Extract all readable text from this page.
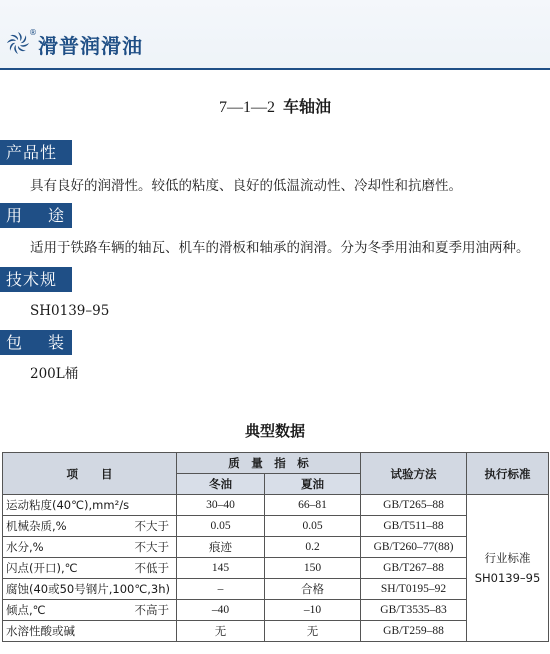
®
滑普润滑油
7—1—2 车轴油
产品性能 具有良好的润滑性。较低的粘度、良好的低温流动性、冷却性和抗磨性。
用 途
适用于铁路车辆的轴瓦、机车的滑板和轴承的润滑。分为冬季用油和夏季用油两种。
技术规格 SH0139–95
包 装
200L桶
典型数据
项　　目	质　量　指　标		试验方法	执行标准
	冬油	夏油		

运动粘度(40℃),mm²/s	30–40	66–81	GB/T265–88	行业标准
SH0139–95

机械杂质,% 不大于	0.05	0.05	GB/T511–88	

水分,% 不大于	痕迹	0.2	GB/T260–77(88)	

闪点(开口),℃ 不低于	145	150	GB/T267–88	

腐蚀(40或50号钢片,100℃,3h)	–	合格	SH/T0195–92	

倾点,℃ 不高于	–40	–10	GB/T3535–83	

水溶性酸或碱	无	无	GB/T259–88	
